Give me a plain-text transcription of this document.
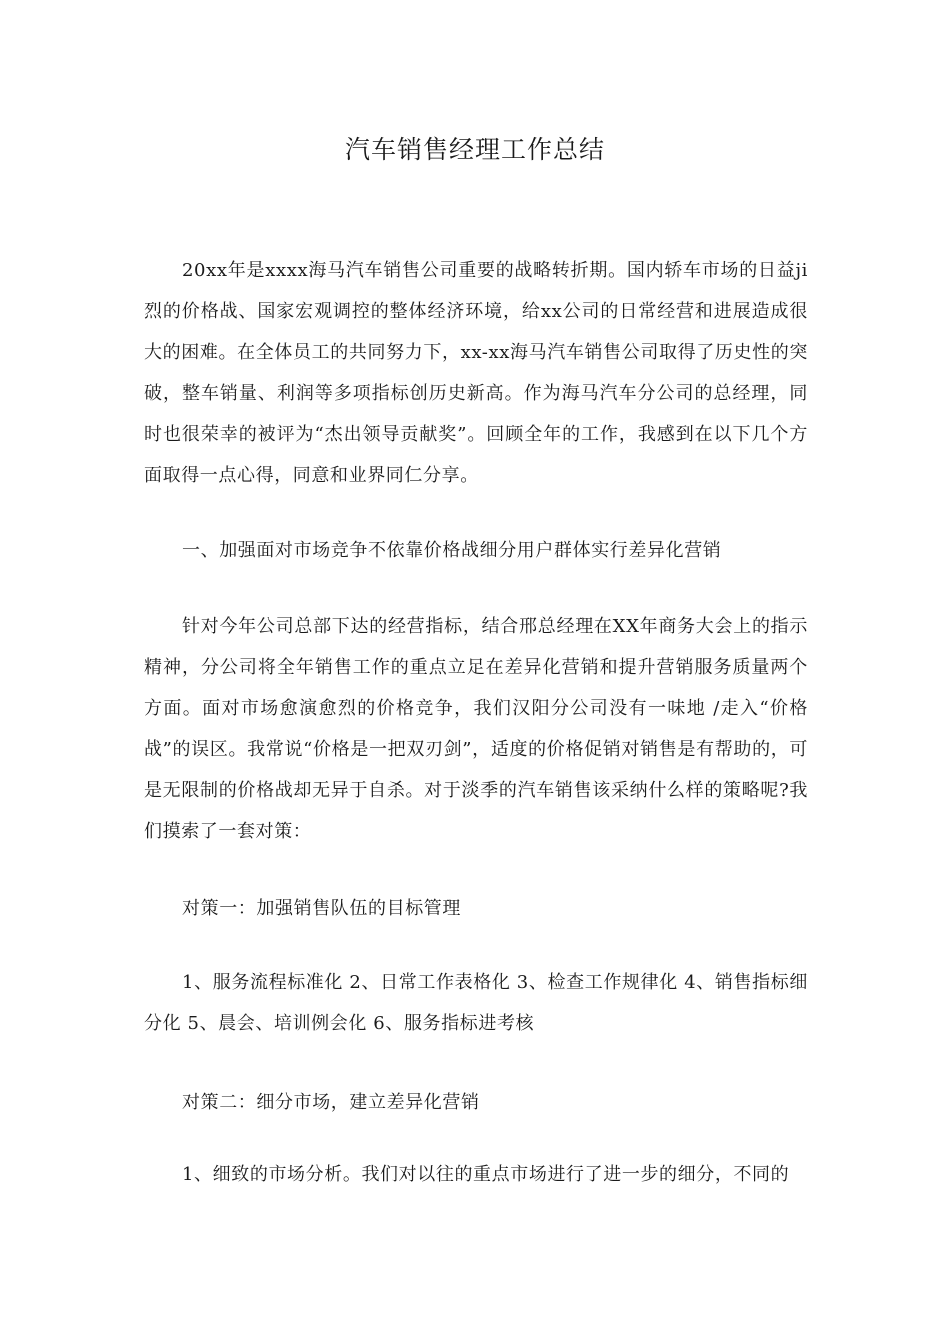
汽车销售经理工作总结

20xx年是xxxx海马汽车销售公司重要的战略转折期。国内轿车市场的日益ji烈的价格战、国家宏观调控的整体经济环境，给xx公司的日常经营和进展造成很大的困难。在全体员工的共同努力下，xx-xx海马汽车销售公司取得了历史性的突破，整车销量、利润等多项指标创历史新高。作为海马汽车分公司的总经理，同时也很荣幸的被评为“杰出领导贡献奖”。回顾全年的工作，我感到在以下几个方面取得一点心得，同意和业界同仁分享。

一、加强面对市场竞争不依靠价格战细分用户群体实行差异化营销

针对今年公司总部下达的经营指标，结合邢总经理在XX年商务大会上的指示精神，分公司将全年销售工作的重点立足在差异化营销和提升营销服务质量两个方面。面对市场愈演愈烈的价格竞争，我们汉阳分公司没有一味地 /走入“价格战”的误区。我常说“价格是一把双刃剑”，适度的价格促销对销售是有帮助的，可是无限制的价格战却无异于自杀。对于淡季的汽车销售该采纳什么样的策略呢?我们摸索了一套对策：

对策一：加强销售队伍的目标管理

1、服务流程标准化 2、日常工作表格化 3、检查工作规律化 4、销售指标细分化 5、晨会、培训例会化 6、服务指标进考核

对策二：细分市场，建立差异化营销

1、细致的市场分析。我们对以往的重点市场进行了进一步的细分，不同的
